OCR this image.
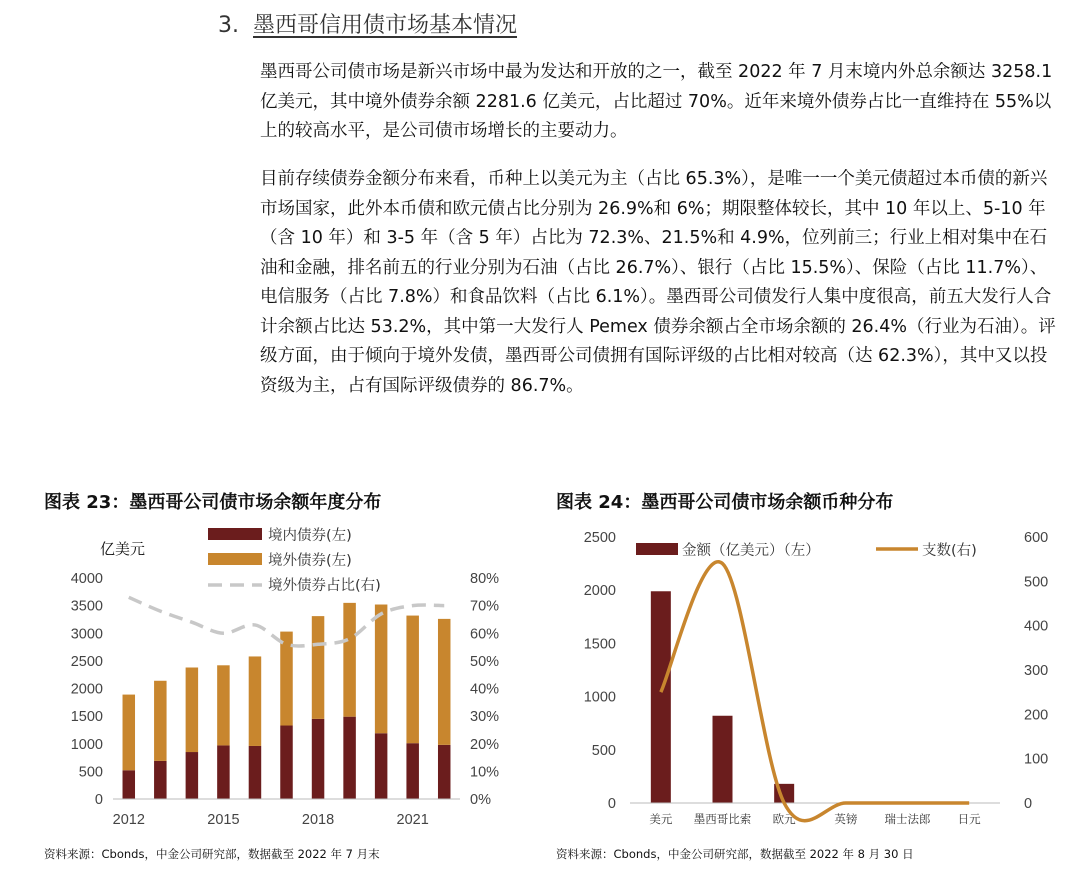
3. 墨西哥信用债市场基本情况

墨西哥公司债市场是新兴市场中最为发达和开放的之一，截至 2022 年 7 月末境内外总余额达 3258.1 亿美元，其中境外债券余额 2281.6 亿美元，占比超过 70%。近年来境外债券占比一直维持在 55%以上的较高水平，是公司债市场增长的主要动力。

目前存续债券金额分布来看，币种上以美元为主（占比 65.3%），是唯一一个美元债超过本币债的新兴市场国家，此外本币债和欧元债占比分别为 26.9%和 6%；期限整体较长，其中 10 年以上、5-10 年（含 10 年）和 3-5 年（含 5 年）占比为 72.3%、21.5%和 4.9%，位列前三；行业上相对集中在石油和金融，排名前五的行业分别为石油（占比 26.7%）、银行（占比 15.5%）、保险（占比 11.7%）、电信服务（占比 7.8%）和食品饮料（占比 6.1%）。墨西哥公司债发行人集中度很高，前五大发行人合计余额占比达 53.2%，其中第一大发行人 Pemex 债券余额占全市场余额的 26.4%（行业为石油）。评级方面，由于倾向于境外发债，墨西哥公司债拥有国际评级的占比相对较高（达 62.3%），其中又以投资级为主，占有国际评级债券的 86.7%。

图表 23：墨西哥公司债市场余额年度分布	图表 24：墨西哥公司债市场余额币种分布
亿美元
0
500
1000
1500
2000
2500
3000
3500
4000
0%
10%
20%
30%
40%
50%
60%
70%
80%
2012	2015	2018	2021
境内债券(左)
境外债券(左)
境外债券占比(右)
0
500
1000
1500
2000
2500
0
100
200
300
400
500
600
美元 墨西哥比索 欧元	英镑 瑞士法郎 日元
金额（亿美元）（左）	支数(右)
资料来源：Cbonds，中金公司研究部，数据截至 2022 年 7 月末	资料来源：Cbonds，中金公司研究部，数据截至 2022 年 8 月 30 日
